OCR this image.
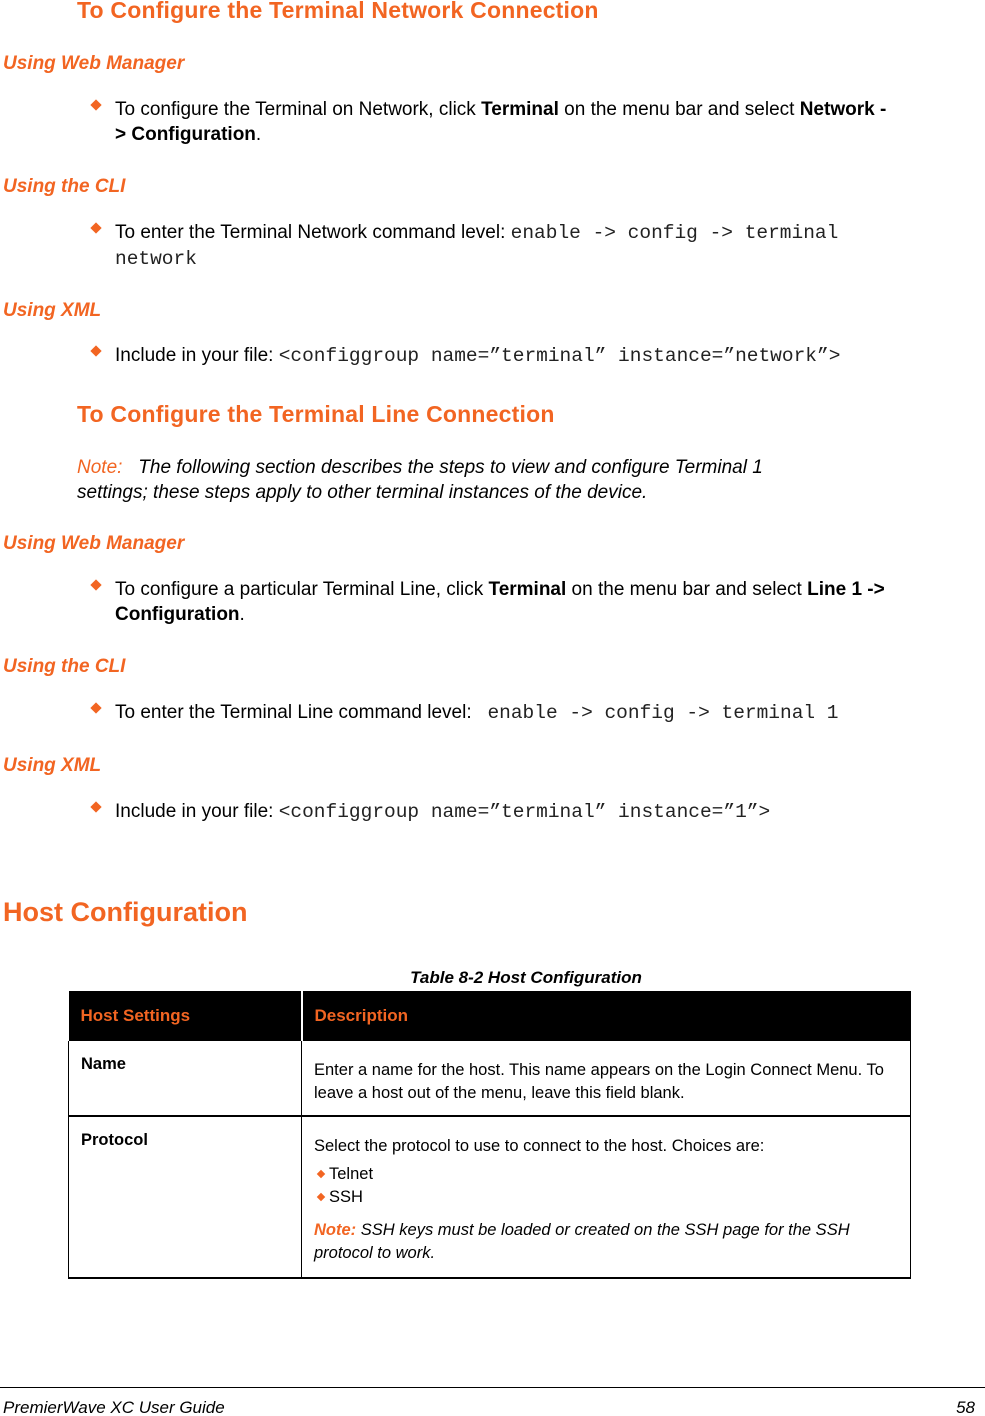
To Configure the Terminal Network Connection
Using Web Manager
To configure the Terminal on Network, click Terminal on the menu bar and select Network -
> Configuration.
Using the CLI
To enter the Terminal Network command level: enable -> config -> terminal
network
Using XML
Include in your file: <configgroup name=”terminal” instance=”network”>
To Configure the Terminal Line Connection
Note: The following section describes the steps to view and configure Terminal 1
settings; these steps apply to other terminal instances of the device.
Using Web Manager
To configure a particular Terminal Line, click Terminal on the menu bar and select Line 1 ->
Configuration.
Using the CLI
To enter the Terminal Line command level:   enable -> config -> terminal 1
Using XML
Include in your file: <configgroup name=”terminal” instance=”1”>
Host Configuration
Table 8-2 Host Configuration
Host Settings	Description
Name	Enter a name for the host. This name appears on the Login Connect Menu. To leave a host out of the menu, leave this field blank.
Protocol	Select the protocol to use to connect to the host. Choices are:
Telnet
SSH
Note: SSH keys must be loaded or created on the SSH page for the SSH protocol to work.
PremierWave XC User Guide	58
